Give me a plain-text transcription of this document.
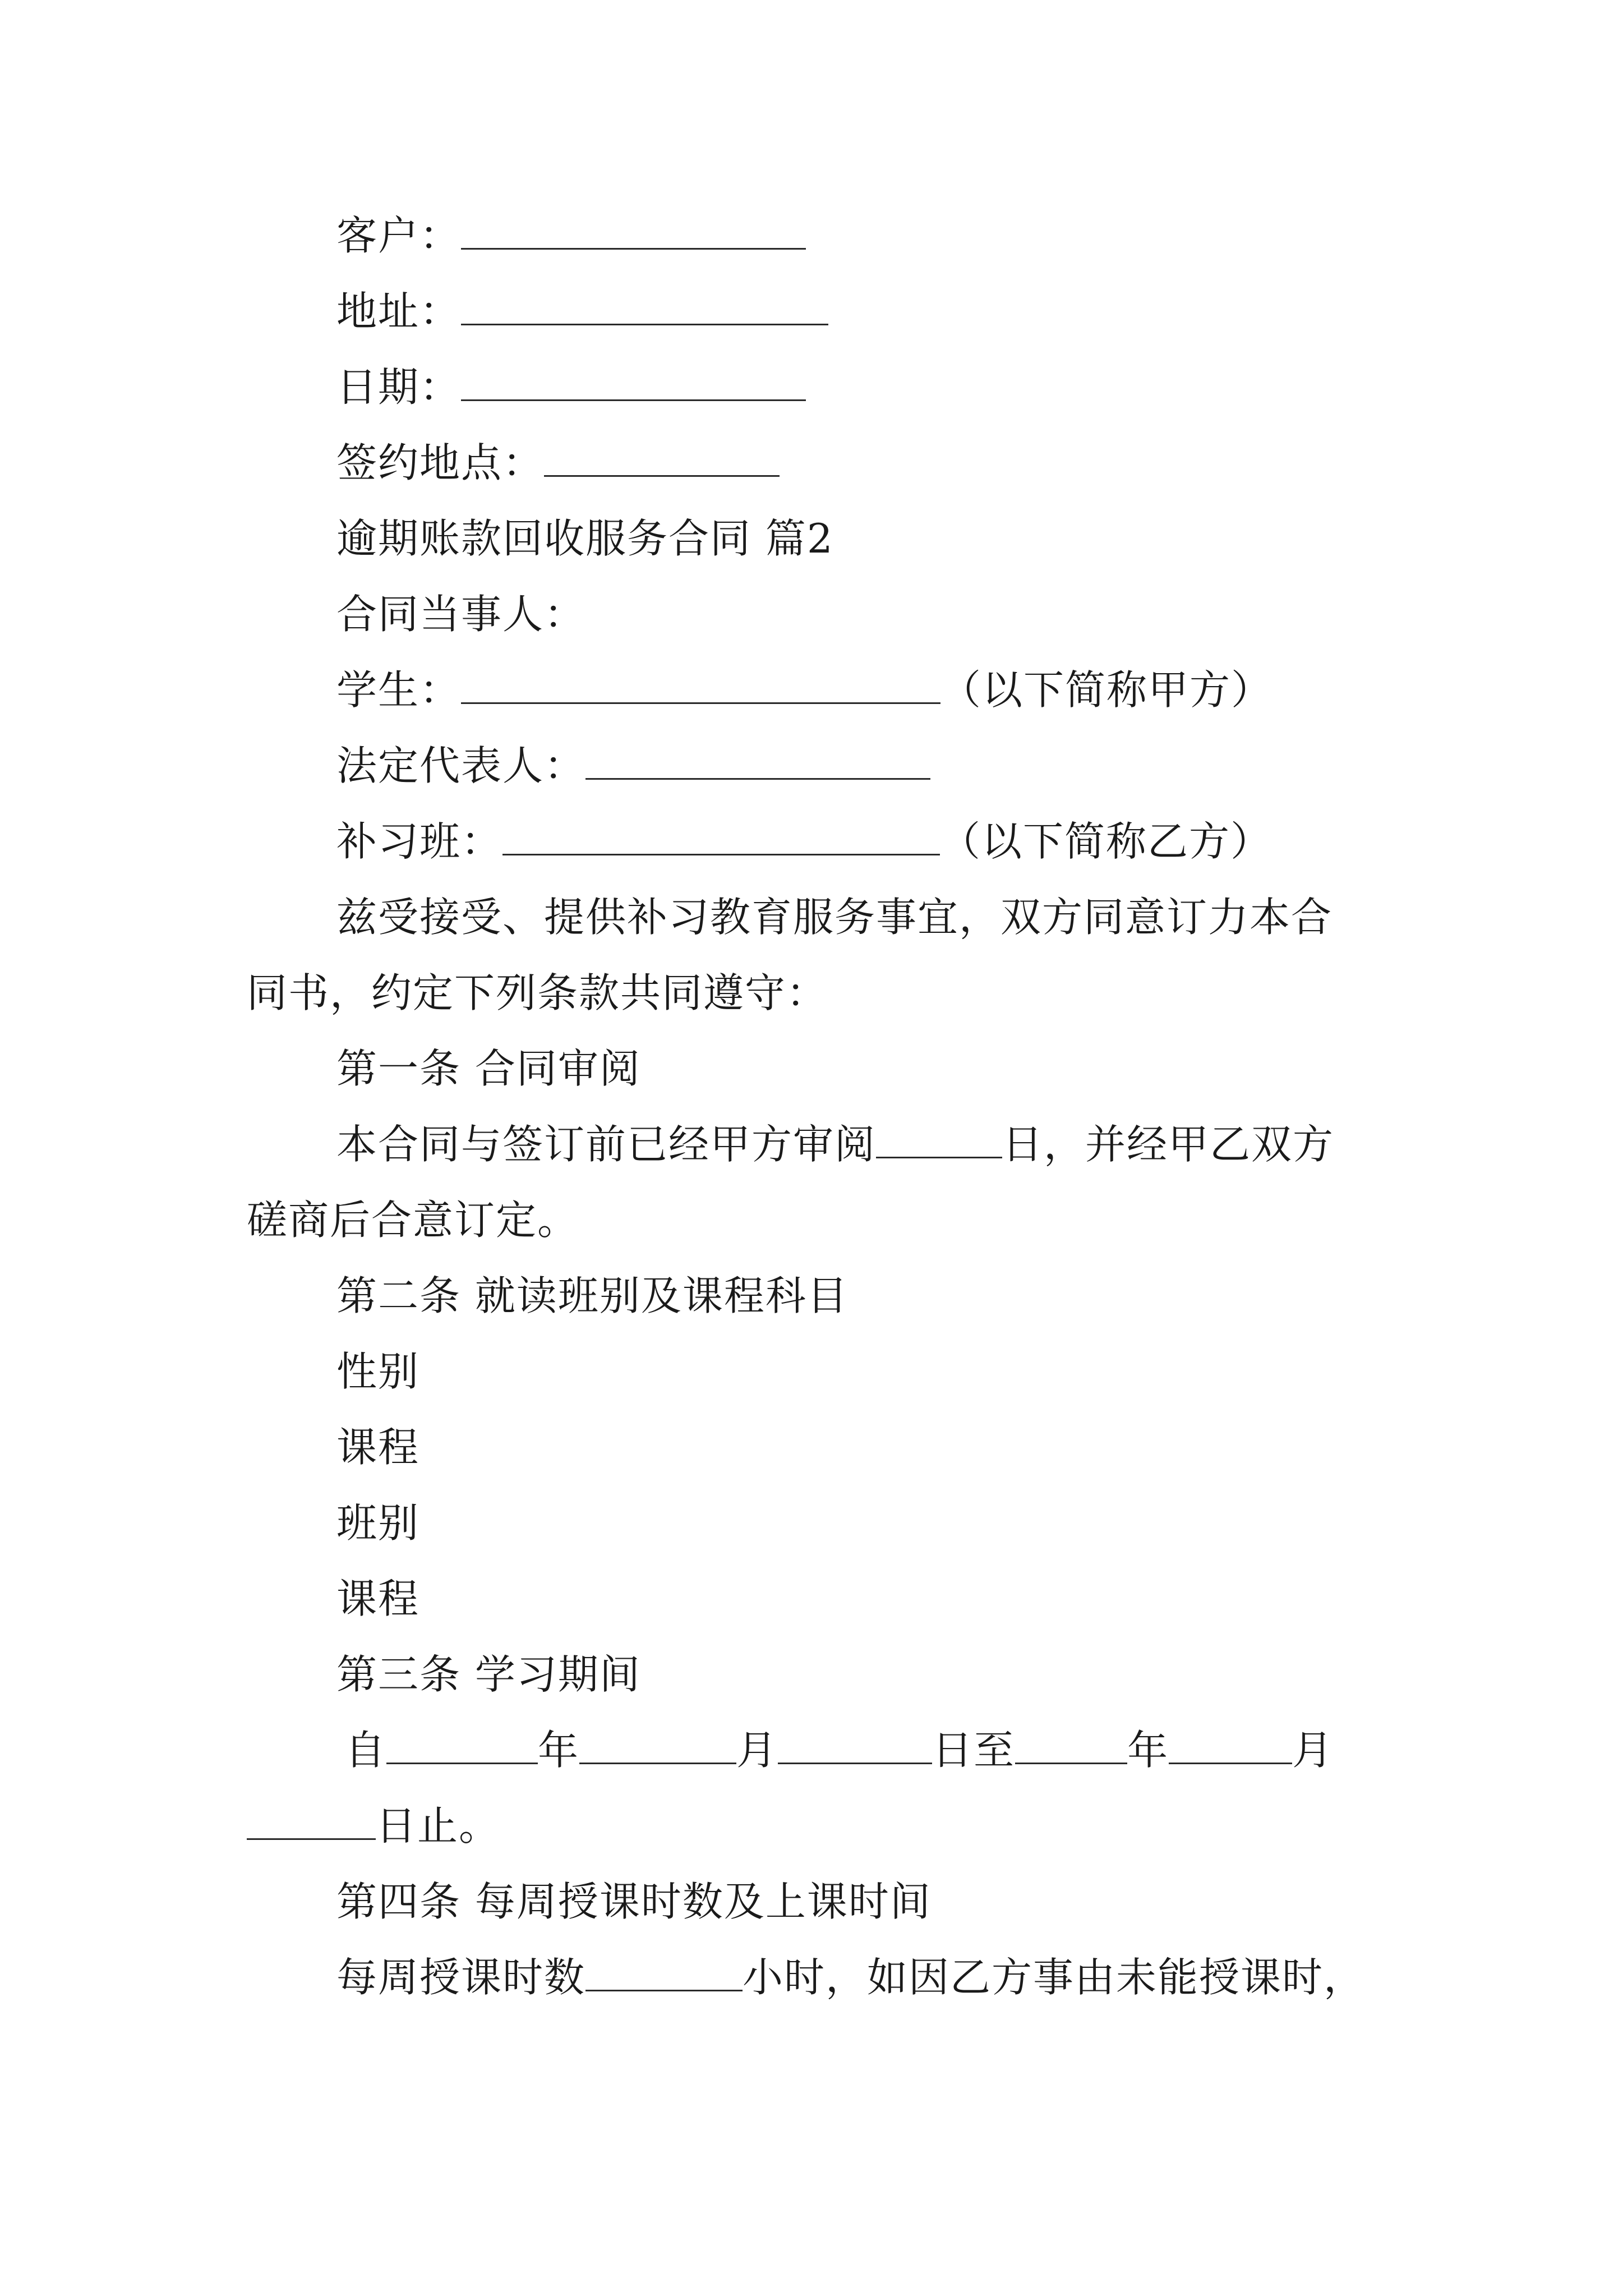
客户：
地址：
日期：
签约地点：
逾期账款回收服务合同 篇2
合同当事人：
学生：	（以下简称甲方）
法定代表人：
补习班：	（以下简称乙方）
兹受接受、提供补习教育服务事宜，双方同意订力本合
同书，约定下列条款共同遵守：
第一条 合同审阅
本合同与签订前已经甲方审阅	日，并经甲乙双方
磋商后合意订定。
第二条 就读班别及课程科目
性别
课程
班别
课程
第三条 学习期间
自	年	月	日至	年	月
日止。
第四条 每周授课时数及上课时间
每周授课时数	小时，如因乙方事由未能授课时，
